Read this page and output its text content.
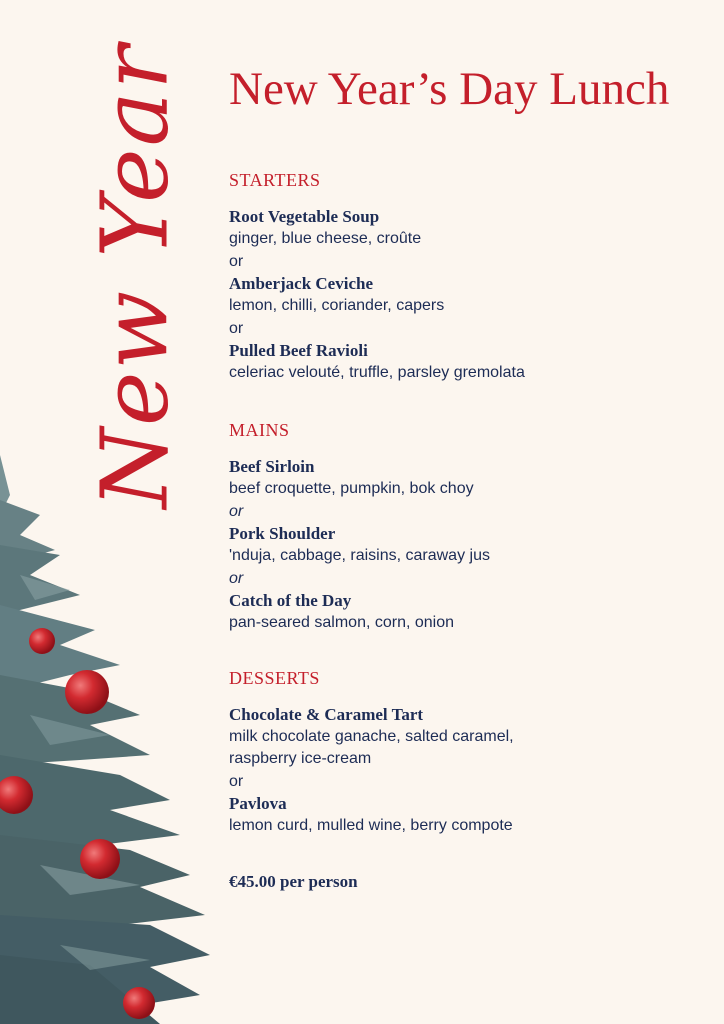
New Year New Year’s Day Lunch
STARTERS
Root Vegetable Soup
ginger, blue cheese, croûte
or
Amberjack Ceviche
lemon, chilli, coriander, capers
or
Pulled Beef Ravioli
celeriac velouté, truffle, parsley gremolata
MAINS
Beef Sirloin
beef croquette, pumpkin, bok choy
or
Pork Shoulder
'nduja, cabbage, raisins, caraway jus
or
Catch of the Day
pan-seared salmon, corn, onion
DESSERTS
Chocolate & Caramel Tart
milk chocolate ganache, salted caramel,
raspberry ice-cream
or
Pavlova
lemon curd, mulled wine, berry compote
€45.00 per person
